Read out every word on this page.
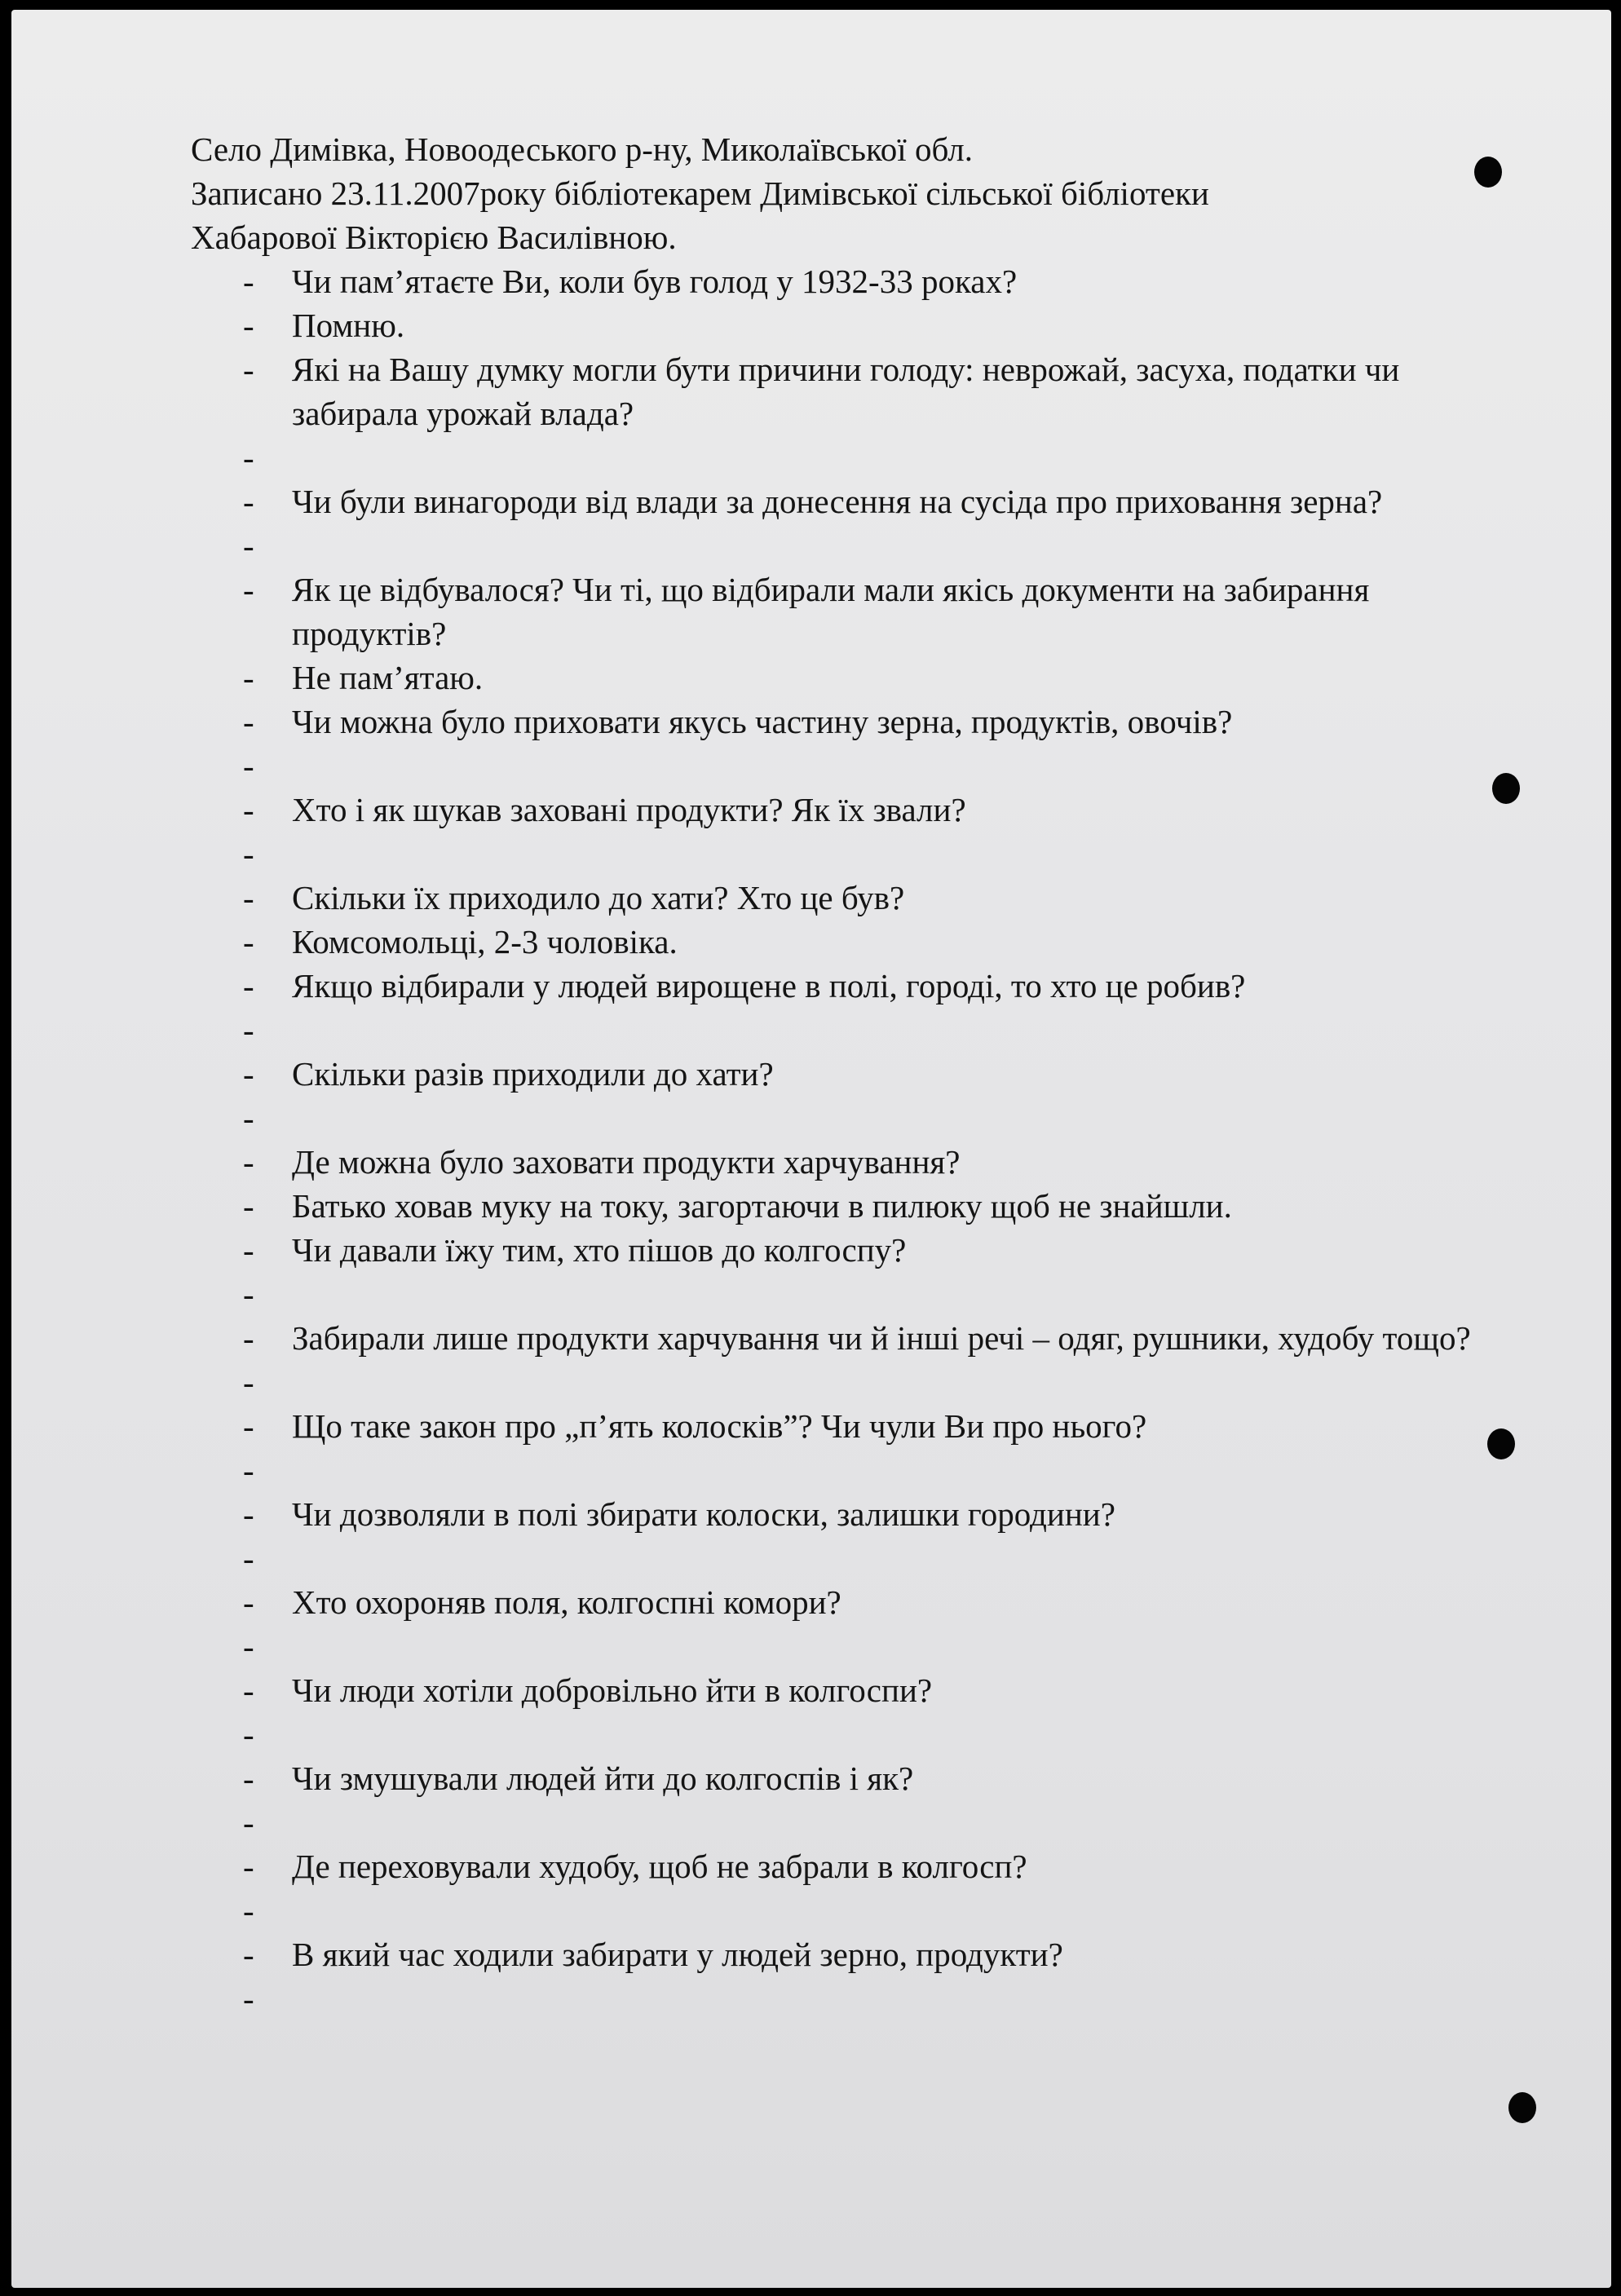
Село Димівка, Новоодеського р-ну, Миколаївської обл.
Записано 23.11.2007року бібліотекарем Димівської сільської бібліотеки
Хабарової Вікторією Василівною.
- Чи пам’ятаєте Ви, коли був голод у 1932-33 роках?
- Помню.
- Які на Вашу думку могли бути причини голоду: неврожай, засуха, податки чи забирала урожай влада?
-
- Чи були винагороди від влади за донесення на сусіда про приховання зерна?
-
- Як це відбувалося? Чи ті, що відбирали мали якісь документи на забирання продуктів?
- Не пам’ятаю.
- Чи можна було приховати якусь частину зерна, продуктів, овочів?
-
- Хто і як шукав заховані продукти? Як їх звали?
-
- Скільки їх приходило до хати? Хто це був?
- Комсомольці, 2-3 чоловіка.
- Якщо відбирали у людей вирощене в полі, городі, то хто це робив?
-
- Скільки разів приходили до хати?
-
- Де можна було заховати продукти харчування?
- Батько ховав муку на току, загортаючи в пилюку щоб не знайшли.
- Чи давали їжу тим, хто пішов до колгоспу?
-
- Забирали лише продукти харчування чи й інші речі – одяг, рушники, худобу тощо?
-
- Що таке закон про „п’ять колосків”? Чи чули Ви про нього?
-
- Чи дозволяли в полі збирати колоски, залишки городини?
-
- Хто охороняв поля, колгоспні комори?
-
- Чи люди хотіли добровільно йти в колгоспи?
-
- Чи змушували людей йти до колгоспів і як?
-
- Де переховували худобу, щоб не забрали в колгосп?
-
- В який час ходили забирати у людей зерно, продукти?
-
